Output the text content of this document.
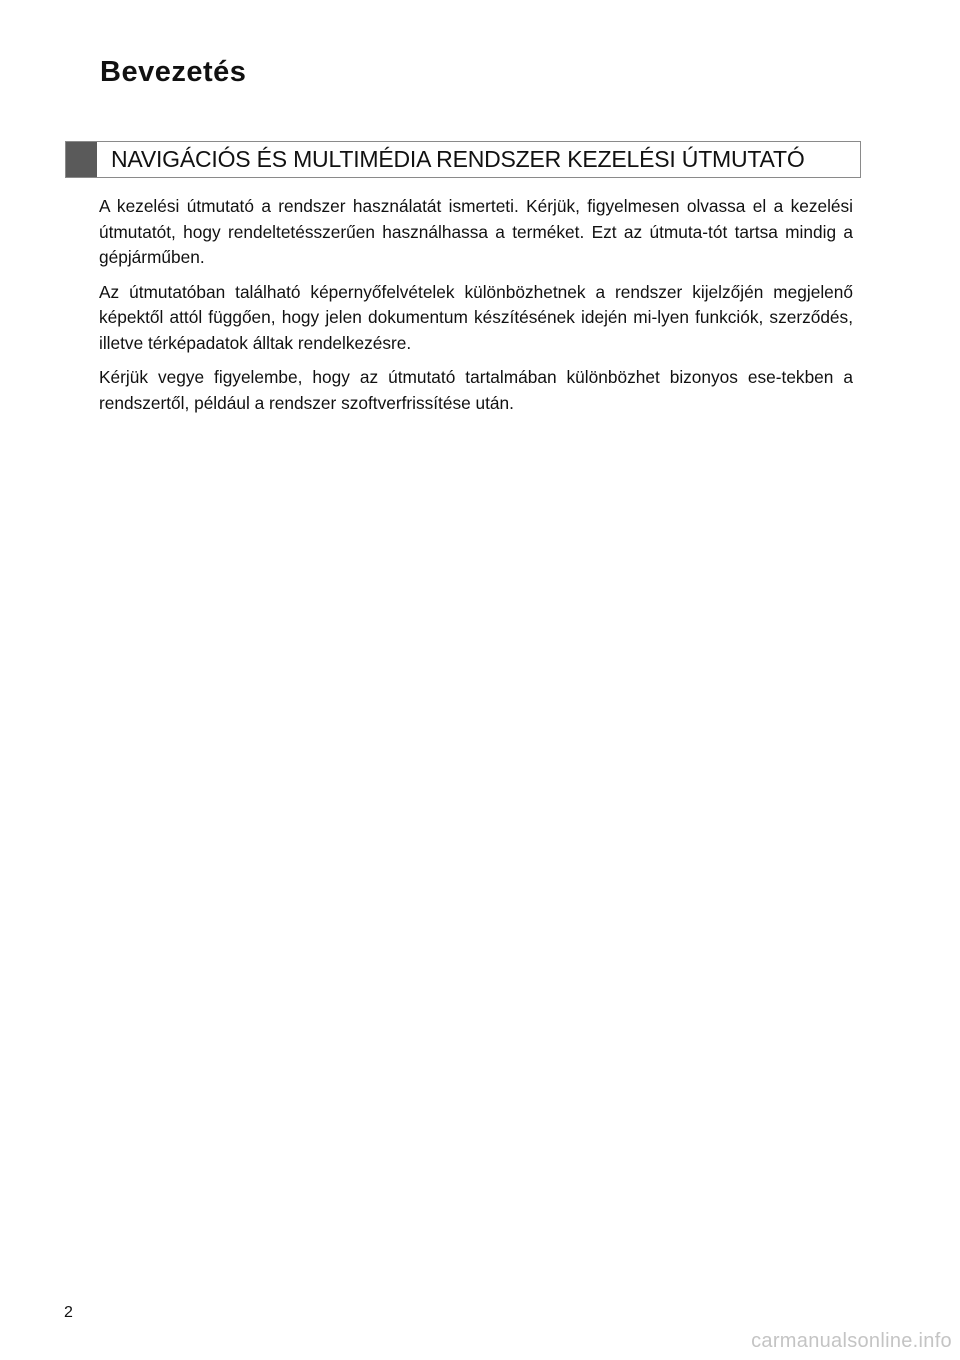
Bevezetés
NAVIGÁCIÓS ÉS MULTIMÉDIA RENDSZER KEZELÉSI ÚTMUTATÓ

A kezelési útmutató a rendszer használatát ismerteti. Kérjük, figyelmesen olvassa el a kezelési útmutatót, hogy rendeltetésszerűen használhassa a terméket. Ezt az útmuta-tót tartsa mindig a gépjárműben.

Az útmutatóban található képernyőfelvételek különbözhetnek a rendszer kijelzőjén megjelenő képektől attól függően, hogy jelen dokumentum készítésének idején mi-lyen funkciók, szerződés, illetve térképadatok álltak rendelkezésre.

Kérjük vegye figyelembe, hogy az útmutató tartalmában különbözhet bizonyos ese-tekben a rendszertől, például a rendszer szoftverfrissítése után.

2
carmanualsonline.info
